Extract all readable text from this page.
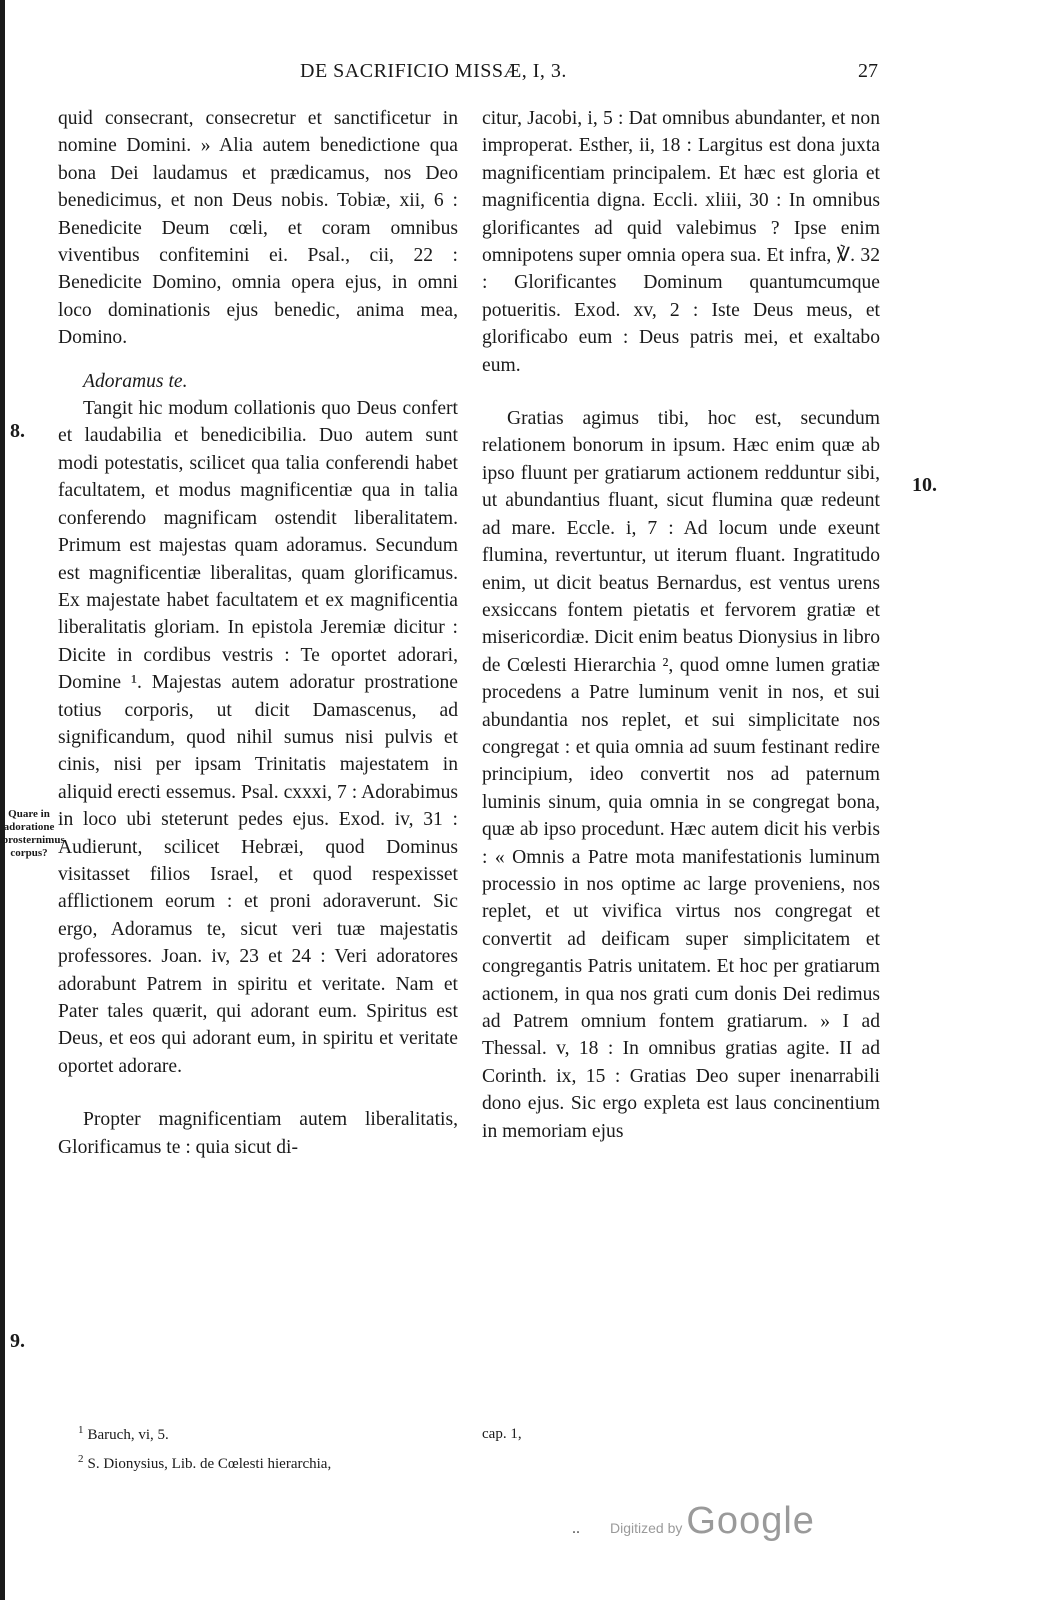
DE SACRIFICIO MISSÆ, I, 3.	27
8.
9.
10.
Quare in adoratione prosternimus corpus?

quid consecrant, consecretur et sanctificetur in nomine Domini. » Alia autem benedictione qua bona Dei laudamus et prædicamus, nos Deo benedicimus, et non Deus nobis. Tobiæ, xii, 6 : Benedicite Deum cœli, et coram omnibus viventibus confitemini ei. Psal., cii, 22 : Benedicite Domino, omnia opera ejus, in omni loco dominationis ejus benedic, anima mea, Domino.

Adoramus te.

Tangit hic modum collationis quo Deus confert et laudabilia et benedicibilia. Duo autem sunt modi potestatis, scilicet qua talia conferendi habet facultatem, et modus magnificentiæ qua in talia conferendo magnificam ostendit liberalitatem. Primum est majestas quam adoramus. Secundum est magnificentiæ liberalitas, quam glorificamus. Ex majestate habet facultatem et ex magnificentia liberalitatis gloriam. In epistola Jeremiæ dicitur : Dicite in cordibus vestris : Te oportet adorari, Domine ¹. Majestas autem adoratur prostratione totius corporis, ut dicit Damascenus, ad significandum, quod nihil sumus nisi pulvis et cinis, nisi per ipsam Trinitatis majestatem in aliquid erecti essemus. Psal. cxxxi, 7 : Adorabimus in loco ubi steterunt pedes ejus. Exod. iv, 31 : Audierunt, scilicet Hebræi, quod Dominus visitasset filios Israel, et quod respexisset afflictionem eorum : et proni adoraverunt. Sic ergo, Adoramus te, sicut veri tuæ majestatis professores. Joan. iv, 23 et 24 : Veri adoratores adorabunt Patrem in spiritu et veritate. Nam et Pater tales quærit, qui adorant eum. Spiritus est Deus, et eos qui adorant eum, in spiritu et veritate oportet adorare.

Propter magnificentiam autem liberalitatis, Glorificamus te : quia sicut di-

citur, Jacobi, i, 5 : Dat omnibus abundanter, et non improperat. Esther, ii, 18 : Largitus est dona juxta magnificentiam principalem. Et hæc est gloria et magnificentia digna. Eccli. xliii, 30 : In omnibus glorificantes ad quid valebimus ? Ipse enim omnipotens super omnia opera sua. Et infra, ℣. 32 : Glorificantes Dominum quantumcumque potueritis. Exod. xv, 2 : Iste Deus meus, et glorificabo eum : Deus patris mei, et exaltabo eum.

Gratias agimus tibi, hoc est, secundum relationem bonorum in ipsum. Hæc enim quæ ab ipso fluunt per gratiarum actionem redduntur sibi, ut abundantius fluant, sicut flumina quæ redeunt ad mare. Eccle. i, 7 : Ad locum unde exeunt flumina, revertuntur, ut iterum fluant. Ingratitudo enim, ut dicit beatus Bernardus, est ventus urens exsiccans fontem pietatis et fervorem gratiæ et misericordiæ. Dicit enim beatus Dionysius in libro de Cœlesti Hierarchia ², quod omne lumen gratiæ procedens a Patre luminum venit in nos, et sui abundantia nos replet, et sui simplicitate nos congregat : et quia omnia ad suum festinant redire principium, ideo convertit nos ad paternum luminis sinum, quia omnia in se congregat bona, quæ ab ipso procedunt. Hæc autem dicit his verbis : « Omnis a Patre mota manifestationis luminum processio in nos optime ac large proveniens, nos replet, et ut vivifica virtus nos congregat et convertit ad deificam super simplicitatem et congregantis Patris unitatem. Et hoc per gratiarum actionem, in qua nos grati cum donis Dei redimus ad Patrem omnium fontem gratiarum. » I ad Thessal. v, 18 : In omnibus gratias agite. II ad Corinth. ix, 15 : Gratias Deo super inenarrabili dono ejus. Sic ergo expleta est laus concinentium in memoriam ejus

$^1$ Baruch, vi, 5.
$^2$ S. Dionysius, Lib. de Cœlesti hierarchia,
cap. 1,
.. Digitized by Google
